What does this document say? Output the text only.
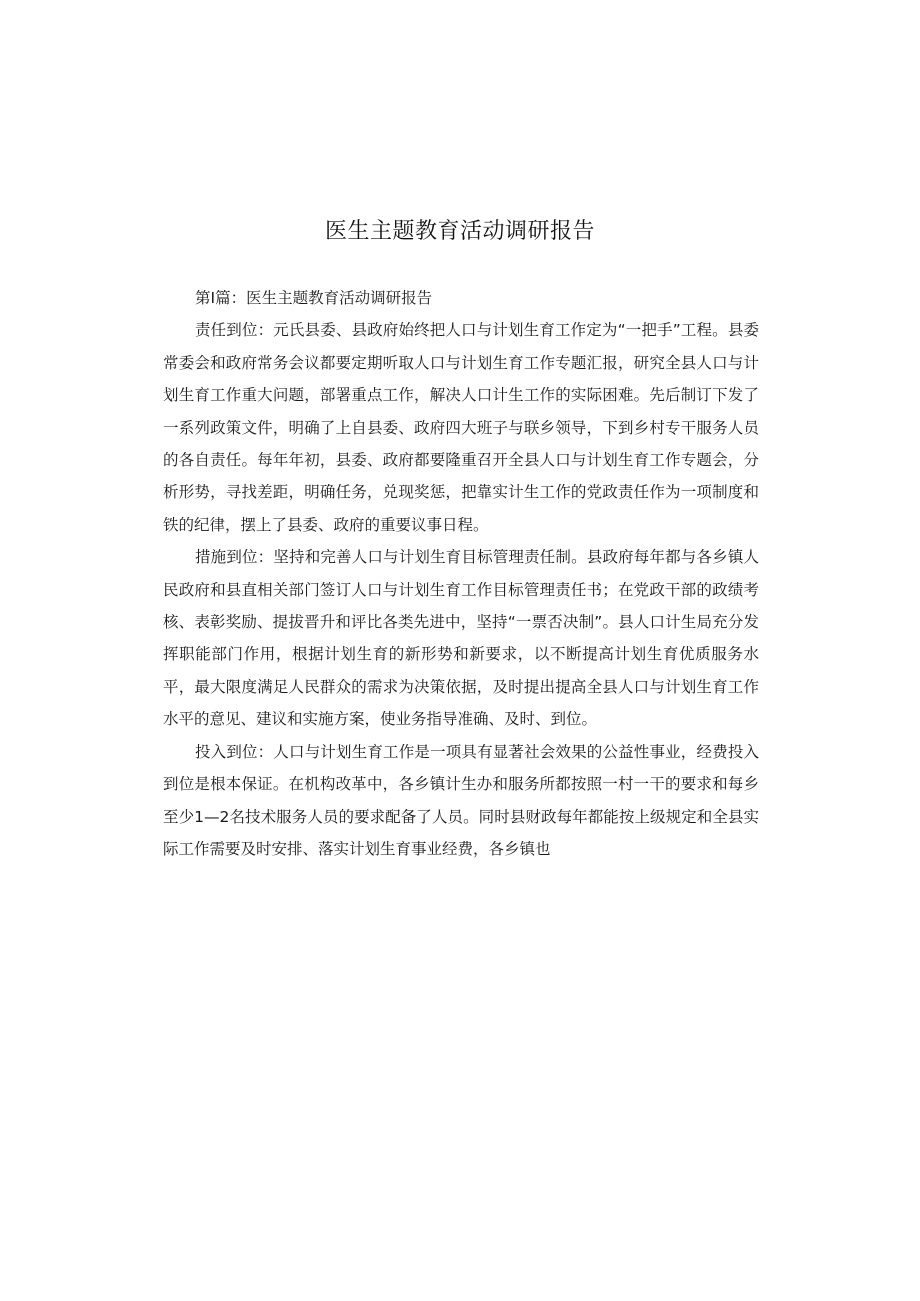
医生主题教育活动调研报告

第I篇：医生主题教育活动调研报告

责任到位：元氏县委、县政府始终把人口与计划生育工作定为“一把手”工程。县委常委会和政府常务会议都要定期听取人口与计划生育工作专题汇报，研究全县人口与计划生育工作重大问题，部署重点工作，解决人口计生工作的实际困难。先后制订下发了一系列政策文件，明确了上自县委、政府四大班子与联乡领导，下到乡村专干服务人员的各自责任。每年年初，县委、政府都要隆重召开全县人口与计划生育工作专题会，分析形势，寻找差距，明确任务，兑现奖惩，把靠实计生工作的党政责任作为一项制度和铁的纪律，摆上了县委、政府的重要议事日程。

措施到位：坚持和完善人口与计划生育目标管理责任制。县政府每年都与各乡镇人民政府和县直相关部门签订人口与计划生育工作目标管理责任书；在党政干部的政绩考核、表彰奖励、提拔晋升和评比各类先进中，坚持“一票否决制”。县人口计生局充分发挥职能部门作用，根据计划生育的新形势和新要求，以不断提高计划生育优质服务水平，最大限度满足人民群众的需求为决策依据，及时提出提高全县人口与计划生育工作水平的意见、建议和实施方案，使业务指导准确、及时、到位。

投入到位：人口与计划生育工作是一项具有显著社会效果的公益性事业，经费投入到位是根本保证。在机构改革中，各乡镇计生办和服务所都按照一村一干的要求和每乡至少1—2名技术服务人员的要求配备了人员。同时县财政每年都能按上级规定和全县实际工作需要及时安排、落实计划生育事业经费，各乡镇也
